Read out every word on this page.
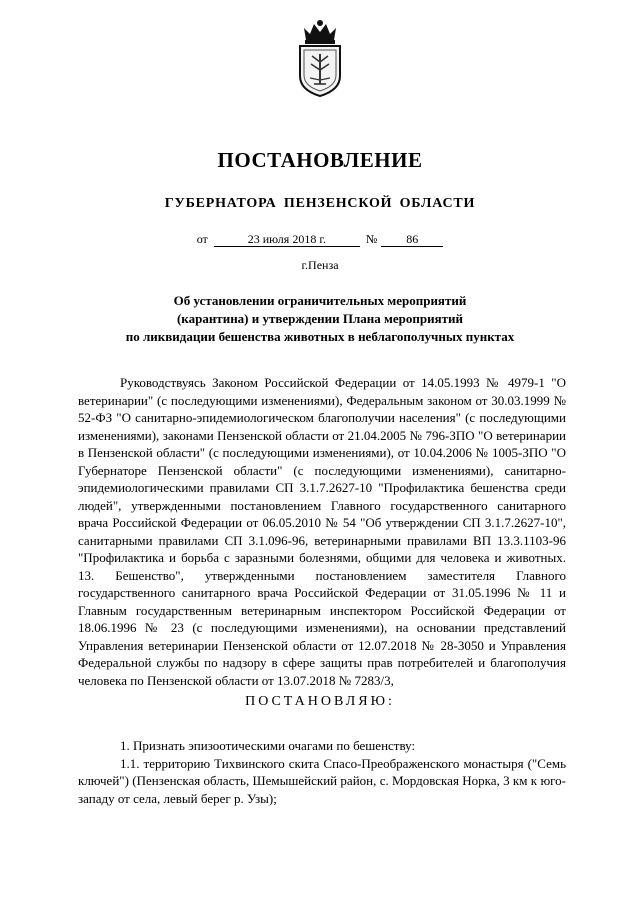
ПОСТАНОВЛЕНИЕ
ГУБЕРНАТОРА ПЕНЗЕНСКОЙ ОБЛАСТИ
от	23 июля 2018 г.	№ 86
г.Пенза
Об установлении ограничительных мероприятий
(карантина) и утверждении Плана мероприятий
по ликвидации бешенства животных в неблагополучных пунктах

Руководствуясь Законом Российской Федерации от 14.05.1993 № 4979-1 "О ветеринарии" (с последующими изменениями), Федеральным законом от 30.03.1999 № 52-ФЗ "О санитарно-эпидемиологическом благополучии населения" (с последующими изменениями), законами Пензенской области от 21.04.2005 № 796-ЗПО "О ветеринарии в Пензенской области" (с последующими изменениями), от 10.04.2006 № 1005-ЗПО "О Губернаторе Пензенской области" (с последующими изменениями), санитарно-эпидемиологическими правилами СП 3.1.7.2627-10 "Профилактика бешенства среди людей", утвержденными постановлением Главного государственного санитарного врача Российской Федерации от 06.05.2010 № 54 "Об утверждении СП 3.1.7.2627-10", санитарными правилами СП 3.1.096-96, ветеринарными правилами ВП 13.3.1103-96 "Профилактика и борьба с заразными болезнями, общими для человека и животных. 13. Бешенство", утвержденными постановлением заместителя Главного государственного санитарного врача Российской Федерации от 31.05.1996 № 11 и Главным государственным ветеринарным инспектором Российской Федерации от 18.06.1996 № 23 (с последующими изменениями), на основании представлений Управления ветеринарии Пензенской области от 12.07.2018 № 28-3050 и Управления Федеральной службы по надзору в сфере защиты прав потребителей и благополучия человека по Пензенской области от 13.07.2018 № 7283/3,

ПОСТАНОВЛЯЮ:

1. Признать эпизоотическими очагами по бешенству:

1.1. территорию Тихвинского скита Спасо-Преображенского монастыря ("Семь ключей") (Пензенская область, Шемышейский район, с. Мордовская Норка, 3 км к юго-западу от села, левый берег р. Узы);
